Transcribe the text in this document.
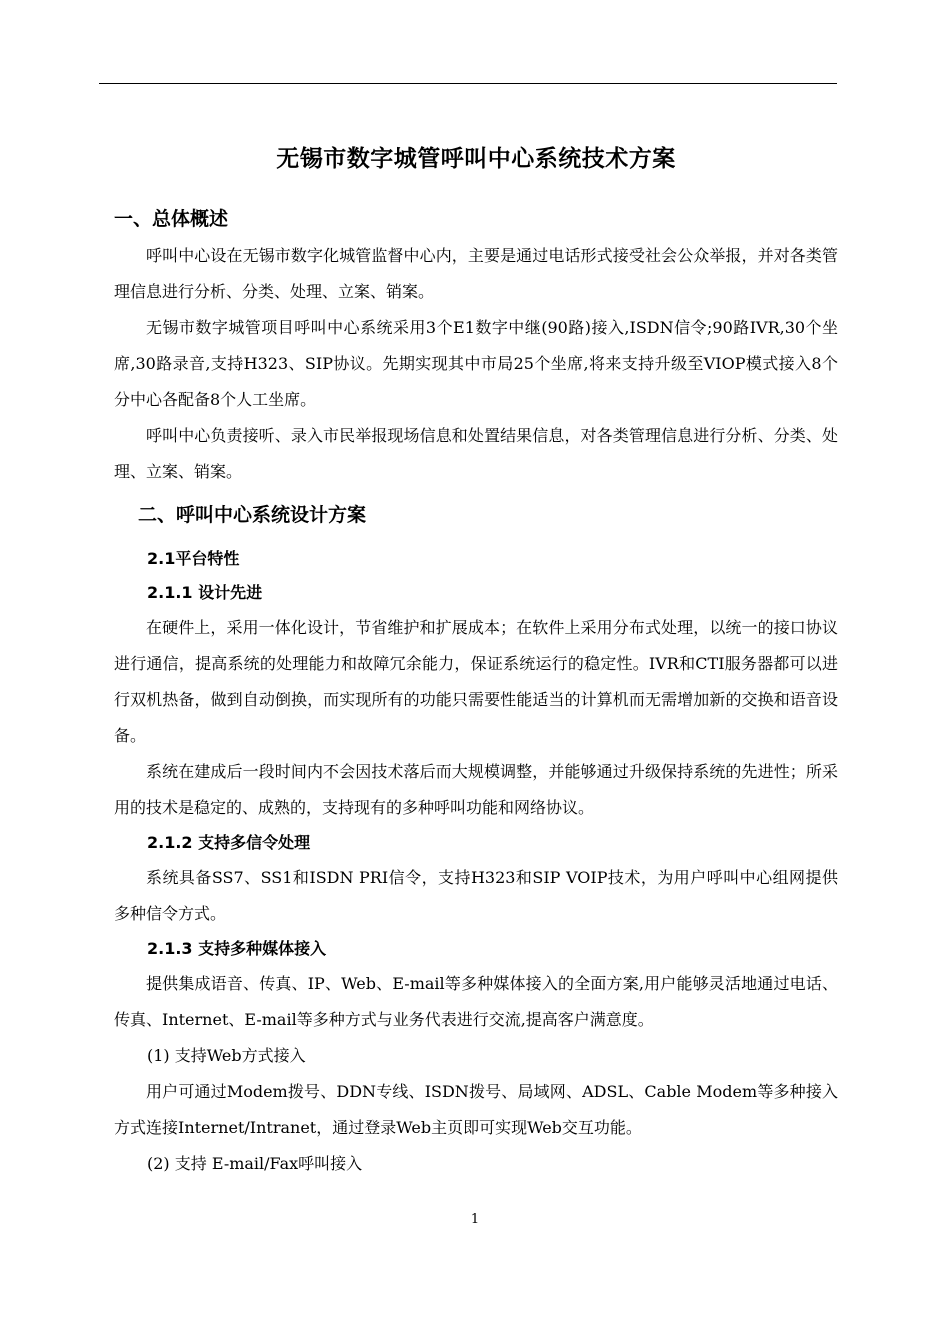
无锡市数字城管呼叫中心系统技术方案
一、总体概述

呼叫中心设在无锡市数字化城管监督中心内，主要是通过电话形式接受社会公众举报，并对各类管理信息进行分析、分类、处理、立案、销案。

无锡市数字城管项目呼叫中心系统采用3个E1数字中继(90路)接入,ISDN信令;90路IVR,30个坐席,30路录音,支持H323、SIP协议。先期实现其中市局25个坐席,将来支持升级至VIOP模式接入8个分中心各配备8个人工坐席。

呼叫中心负责接听、录入市民举报现场信息和处置结果信息，对各类管理信息进行分析、分类、处理、立案、销案。

二、呼叫中心系统设计方案
2.1平台特性
2.1.1 设计先进

在硬件上，采用一体化设计，节省维护和扩展成本；在软件上采用分布式处理，以统一的接口协议进行通信，提高系统的处理能力和故障冗余能力，保证系统运行的稳定性。IVR和CTI服务器都可以进行双机热备，做到自动倒换，而实现所有的功能只需要性能适当的计算机而无需增加新的交换和语音设备。

系统在建成后一段时间内不会因技术落后而大规模调整，并能够通过升级保持系统的先进性；所采用的技术是稳定的、成熟的，支持现有的多种呼叫功能和网络协议。

2.1.2 支持多信令处理

系统具备SS7、SS1和ISDN PRI信令，支持H323和SIP VOIP技术，为用户呼叫中心组网提供多种信令方式。

2.1.3 支持多种媒体接入

提供集成语音、传真、IP、Web、E-mail等多种媒体接入的全面方案,用户能够灵活地通过电话、传真、Internet、E-mail等多种方式与业务代表进行交流,提高客户满意度。

(1) 支持Web方式接入

用户可通过Modem拨号、DDN专线、ISDN拨号、局域网、ADSL、Cable Modem等多种接入方式连接Internet/Intranet，通过登录Web主页即可实现Web交互功能。

(2) 支持 E-mail/Fax呼叫接入

1
